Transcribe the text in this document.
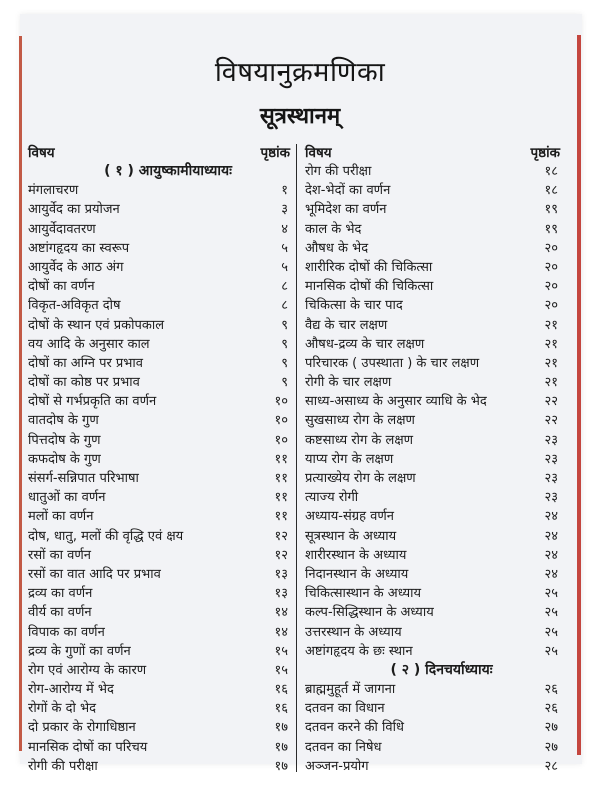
विषयानुक्रमणिका
सूत्रस्थानम्
विषय	पृष्ठांक
( १ ) आयुष्कामीयाध्यायः
मंगलाचरण	१
आयुर्वेद का प्रयोजन	३
आयुर्वेदावतरण	४
अष्टांगहृदय का स्वरूप	५
आयुर्वेद के आठ अंग	५
दोषों का वर्णन	८
विकृत-अविकृत दोष	८
दोषों के स्थान एवं प्रकोपकाल	९
वय आदि के अनुसार काल	९
दोषों का अग्नि पर प्रभाव	९
दोषों का कोष्ठ पर प्रभाव	९
दोषों से गर्भप्रकृति का वर्णन	१०
वातदोष के गुण	१०
पित्तदोष के गुण	१०
कफदोष के गुण	११
संसर्ग-सन्निपात परिभाषा	११
धातुओं का वर्णन	११
मलों का वर्णन	११
दोष, धातु, मलों की वृद्धि एवं क्षय	१२
रसों का वर्णन	१२
रसों का वात आदि पर प्रभाव	१३
द्रव्य का वर्णन	१३
वीर्य का वर्णन	१४
विपाक का वर्णन	१४
द्रव्य के गुणों का वर्णन	१५
रोग एवं आरोग्य के कारण	१५
रोग-आरोग्य में भेद	१६
रोगों के दो भेद	१६
दो प्रकार के रोगाधिष्ठान	१७
मानसिक दोषों का परिचय	१७
रोगी की परीक्षा	१७
विषय	पृष्ठांक
रोग की परीक्षा	१८
देश-भेदों का वर्णन	१८
भूमिदेश का वर्णन	१९
काल के भेद	१९
औषध के भेद	२०
शारीरिक दोषों की चिकित्सा	२०
मानसिक दोषों की चिकित्सा	२०
चिकित्सा के चार पाद	२०
वैद्य के चार लक्षण	२१
औषध-द्रव्य के चार लक्षण	२१
परिचारक ( उपस्थाता ) के चार लक्षण	२१
रोगी के चार लक्षण	२१
साध्य-असाध्य के अनुसार व्याधि के भेद	२२
सुखसाध्य रोग के लक्षण	२२
कष्टसाध्य रोग के लक्षण	२३
याप्य रोग के लक्षण	२३
प्रत्याख्येय रोग के लक्षण	२३
त्याज्य रोगी	२३
अध्याय-संग्रह वर्णन	२४
सूत्रस्थान के अध्याय	२४
शारीरस्थान के अध्याय	२४
निदानस्थान के अध्याय	२४
चिकित्सास्थान के अध्याय	२५
कल्प-सिद्धिस्थान के अध्याय	२५
उत्तरस्थान के अध्याय	२५
अष्टांगहृदय के छः स्थान	२५
( २ ) दिनचर्याध्यायः
ब्राह्ममुहूर्त में जागना	२६
दतवन का विधान	२६
दतवन करने की विधि	२७
दतवन का निषेध	२७
अञ्जन-प्रयोग	२८
